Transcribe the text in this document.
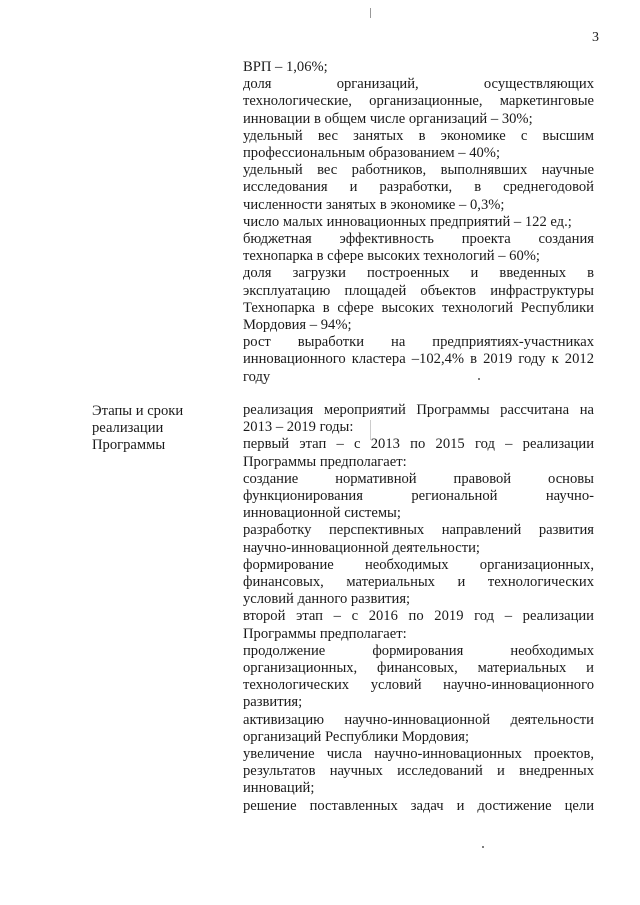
3
ВРП – 1,06%;
доля организаций, осуществляющих
технологические, организационные, маркетинговые
инновации в общем числе организаций – 30%;
удельный вес занятых в экономике с высшим
профессиональным образованием – 40%;
удельный вес работников, выполнявших научные
исследования и разработки, в среднегодовой
численности занятых в экономике – 0,3%;
число малых инновационных предприятий – 122 ед.;
бюджетная эффективность проекта создания
технопарка в сфере высоких технологий – 60%;
доля загрузки построенных и введенных в
эксплуатацию площадей объектов инфраструктуры
Технопарка в сфере высоких технологий Республики
Мордовия – 94%;
рост выработки на предприятиях-участниках
инновационного кластера –102,4% в 2019 году к 2012
году
Этапы и сроки
реализации
Программы
реализация мероприятий Программы рассчитана на
2013 – 2019 годы:
первый этап – с 2013 по 2015 год – реализации
Программы предполагает:
создание нормативной правовой основы
функционирования региональной научно-
инновационной системы;
разработку перспективных направлений развития
научно-инновационной деятельности;
формирование необходимых организационных,
финансовых, материальных и технологических
условий данного развития;
второй этап – с 2016 по 2019 год – реализации
Программы предполагает:
продолжение формирования необходимых
организационных, финансовых, материальных и
технологических условий научно-инновационного
развития;
активизацию научно-инновационной деятельности
организаций Республики Мордовия;
увеличение числа научно-инновационных проектов,
результатов научных исследований и внедренных
инноваций;
решение поставленных задач и достижение цели
